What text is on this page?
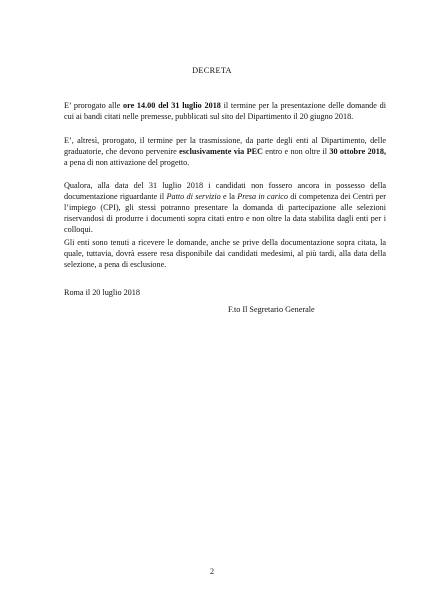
DECRETA

E’ prorogato alle ore 14.00 del 31 luglio 2018 il termine per la presentazione delle domande di cui ai bandi citati nelle premesse, pubblicati sul sito del Dipartimento il 20 giugno 2018.

E’, altresì, prorogato, il termine per la trasmissione, da parte degli enti al Dipartimento, delle graduatorie, che devono pervenire esclusivamente via PEC entro e non oltre il 30 ottobre 2018, a pena di non attivazione del progetto.

Qualora, alla data del 31 luglio 2018 i candidati non fossero ancora in possesso della documentazione riguardante il Patto di servizio e la Presa in carico di competenza dei Centri per l’impiego (CPI), gli stessi potranno presentare la domanda di partecipazione alle selezioni riservandosi di produrre i documenti sopra citati entro e non oltre la data stabilita dagli enti per i colloqui.

Gli enti sono tenuti a ricevere le domande, anche se prive della documentazione sopra citata, la quale, tuttavia, dovrà essere resa disponibile dai candidati medesimi, al più tardi, alla data della selezione, a pena di esclusione.

Roma il 20 luglio 2018
F.to Il Segretario Generale
2
